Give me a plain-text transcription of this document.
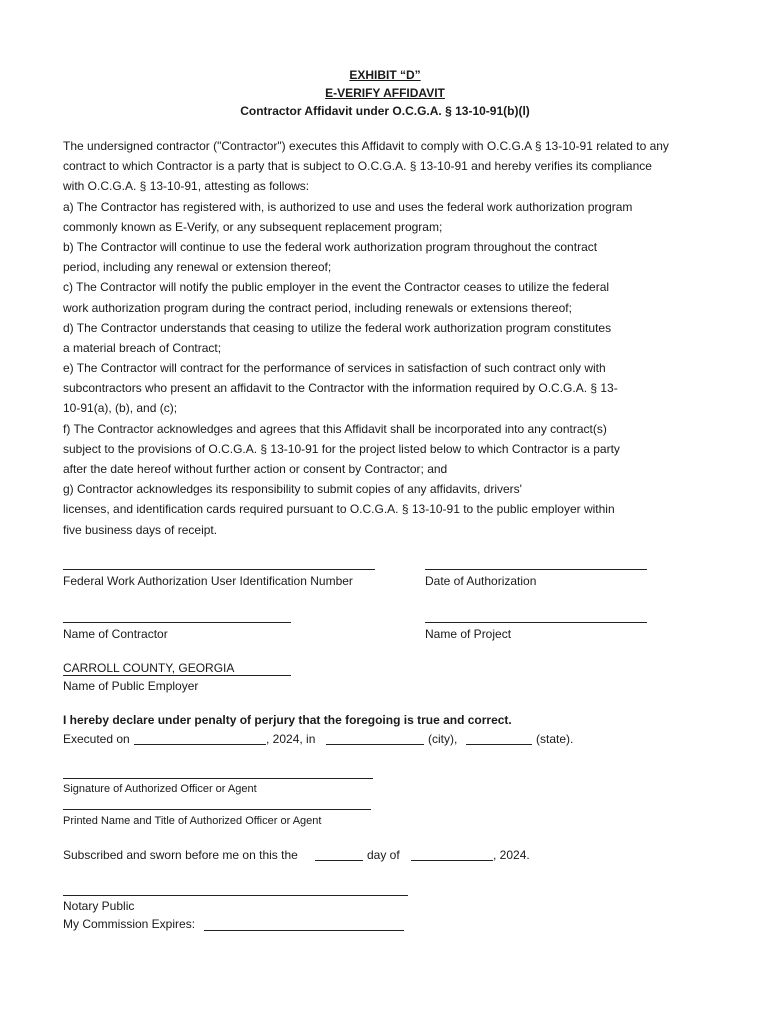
EXHIBIT “D”
E-VERIFY AFFIDAVIT
Contractor Affidavit under O.C.G.A. § 13-10-91(b)(l)
The undersigned contractor ("Contractor") executes this Affidavit to comply with O.C.G.A § 13-10-91 related to any
contract to which Contractor is a party that is subject to O.C.G.A. § 13-10-91 and hereby verifies its compliance
with O.C.G.A. § 13-10-91, attesting as follows:
a) The Contractor has registered with, is authorized to use and uses the federal work authorization program
commonly known as E-Verify, or any subsequent replacement program;
b) The Contractor will continue to use the federal work authorization program throughout the contract
period, including any renewal or extension thereof;
c) The Contractor will notify the public employer in the event the Contractor ceases to utilize the federal
work authorization program during the contract period, including renewals or extensions thereof;
d) The Contractor understands that ceasing to utilize the federal work authorization program constitutes
a material breach of Contract;
e) The Contractor will contract for the performance of services in satisfaction of such contract only with
subcontractors who present an affidavit to the Contractor with the information required by O.C.G.A. § 13-
10-91(a), (b), and (c);
f) The Contractor acknowledges and agrees that this Affidavit shall be incorporated into any contract(s)
subject to the provisions of O.C.G.A. § 13-10-91 for the project listed below to which Contractor is a party
after the date hereof without further action or consent by Contractor; and
g) Contractor acknowledges its responsibility to submit copies of any affidavits, drivers'
licenses, and identification cards required pursuant to O.C.G.A. § 13-10-91 to the public employer within
five business days of receipt.
Federal Work Authorization User Identification Number	Date of Authorization
Name of Contractor	Name of Project
CARROLL COUNTY, GEORGIA
Name of Public Employer
I hereby declare under penalty of perjury that the foregoing is true and correct.
Executed on	, 2024, in	(city),	(state).
Signature of Authorized Officer or Agent
Printed Name and Title of Authorized Officer or Agent
Subscribed and sworn before me on this the	day of	, 2024.
Notary Public
My Commission Expires:
